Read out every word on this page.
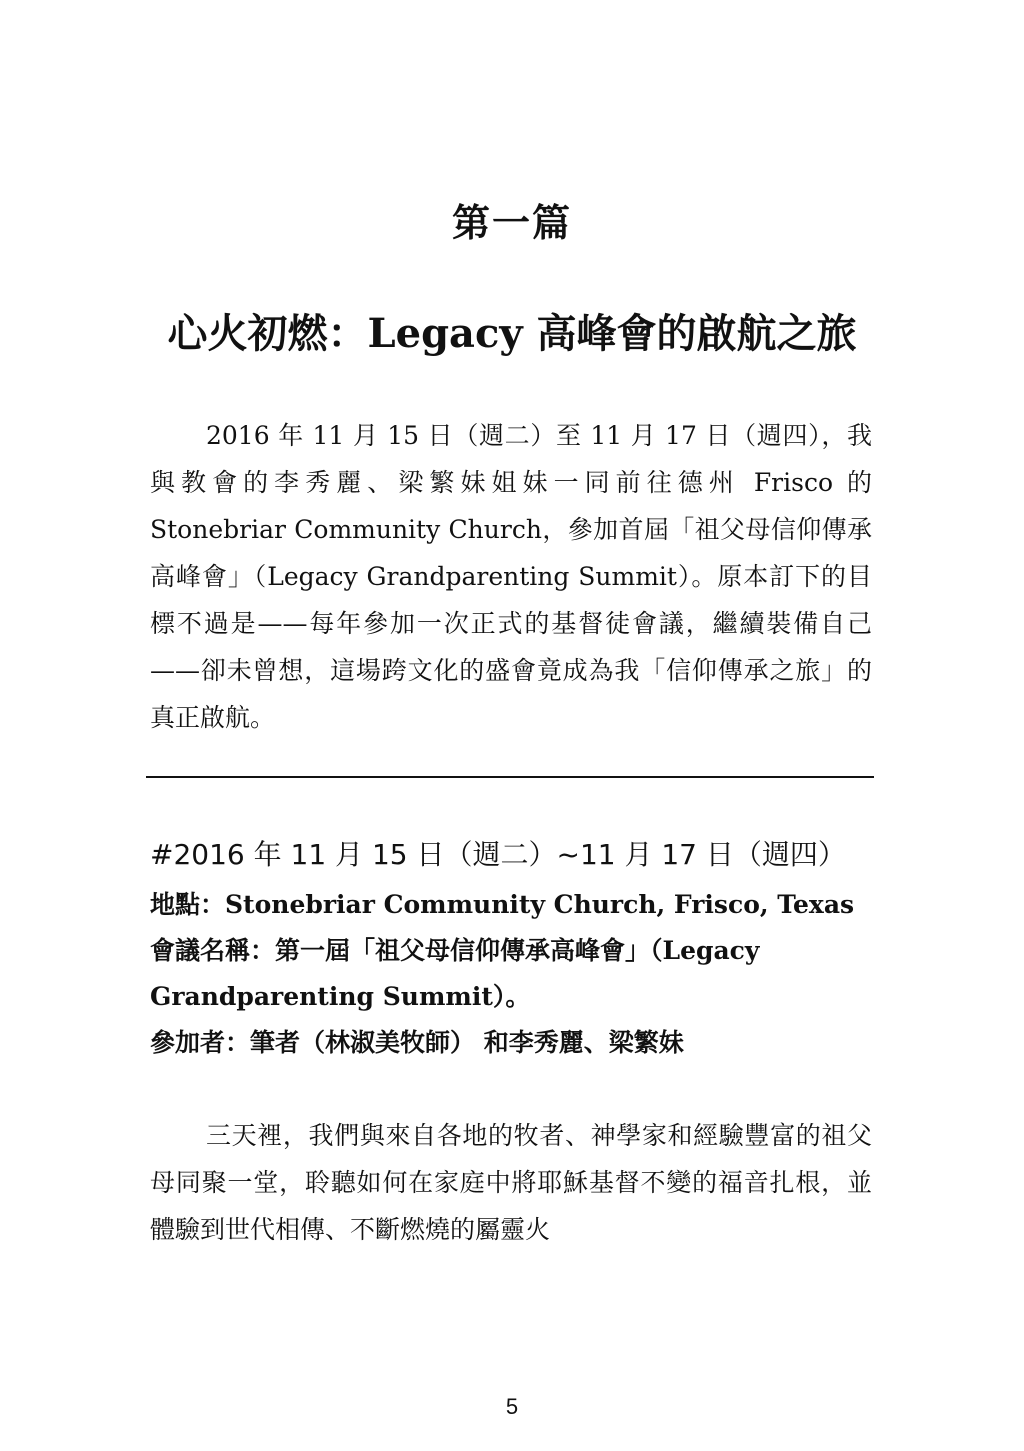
第一篇
心火初燃：Legacy 高峰會的啟航之旅

2016 年 11 月 15 日（週二）至 11 月 17 日（週四），我與教會的李秀麗、梁繁妹姐妹一同前往德州 Frisco 的 Stonebriar Community Church，參加首屆「祖父母信仰傳承高峰會」（Legacy Grandparenting Summit）。原本訂下的目標不過是——每年參加一次正式的基督徒會議，繼續裝備自己——卻未曾想，這場跨文化的盛會竟成為我「信仰傳承之旅」的真正啟航。

#2016 年 11 月 15 日（週二）~11 月 17 日（週四）

地點：Stonebriar Community Church, Frisco, Texas

會議名稱：第一屆「祖父母信仰傳承高峰會」（Legacy Grandparenting Summit）。

參加者：筆者（林淑美牧師） 和李秀麗、梁繁妹

三天裡，我們與來自各地的牧者、神學家和經驗豐富的祖父母同聚一堂，聆聽如何在家庭中將耶穌基督不變的福音扎根，並體驗到世代相傳、不斷燃燒的屬靈火

5
